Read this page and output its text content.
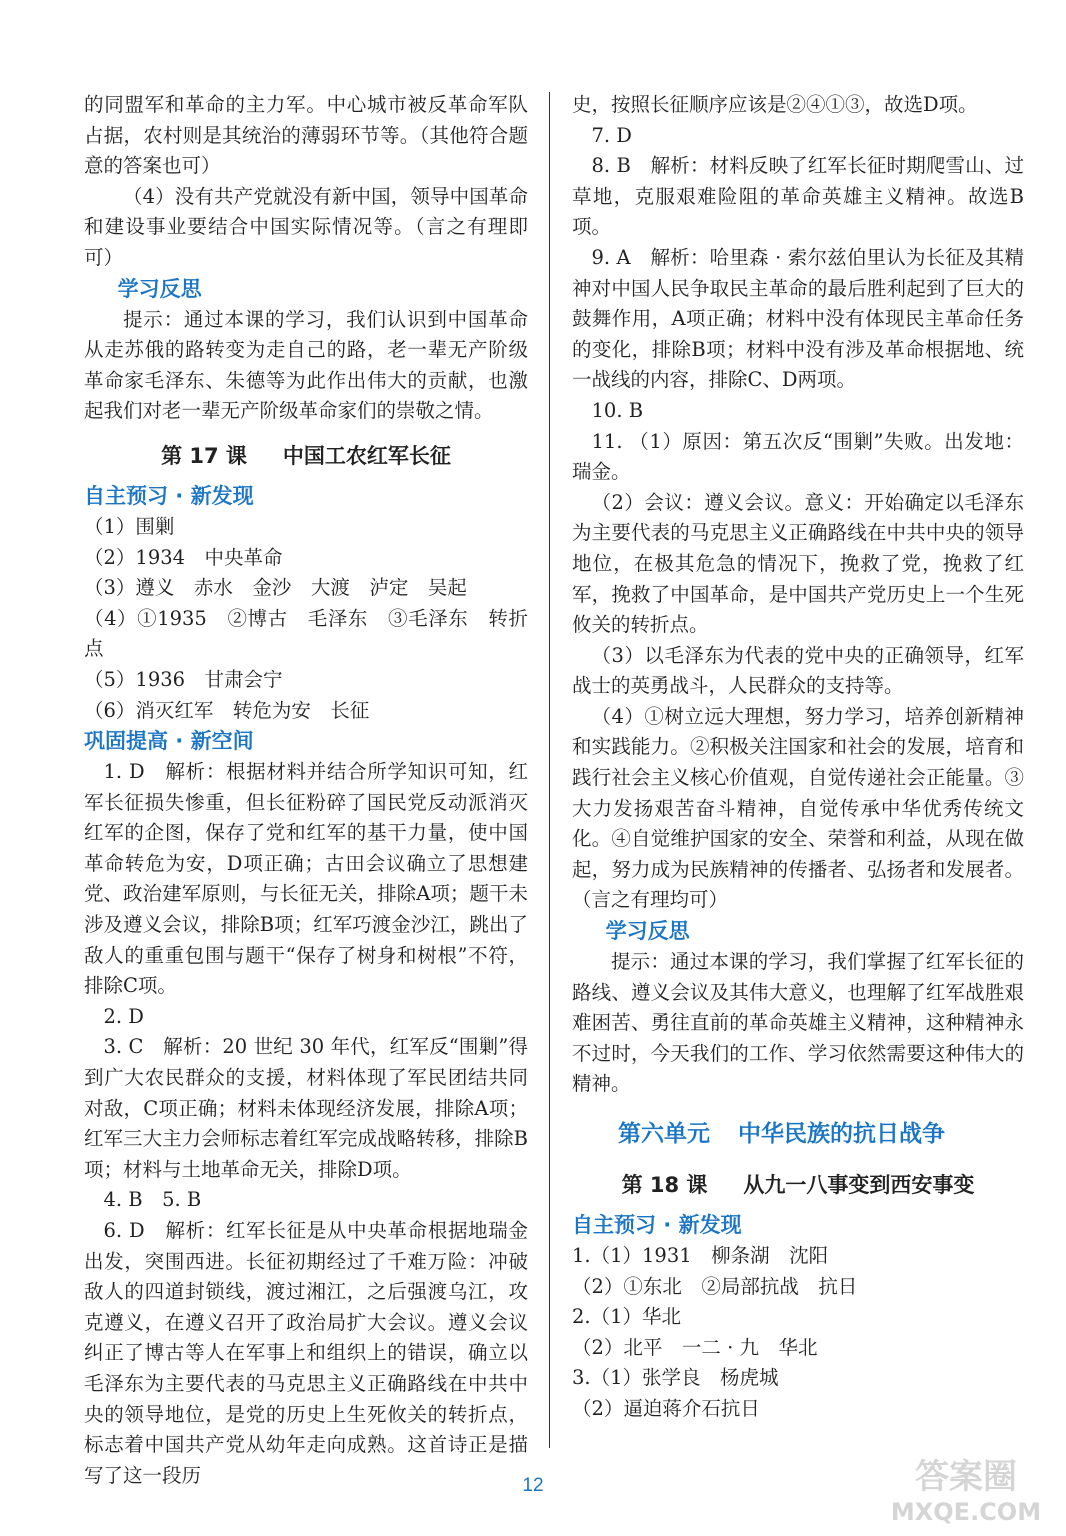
的同盟军和革命的主力军。中心城市被反革命军队占据，农村则是其统治的薄弱环节等。（其他符合题意的答案也可）

（4）没有共产党就没有新中国，领导中国革命和建设事业要结合中国实际情况等。（言之有理即可）

学习反思

提示：通过本课的学习，我们认识到中国革命从走苏俄的路转变为走自己的路，老一辈无产阶级革命家毛泽东、朱德等为此作出伟大的贡献，也激起我们对老一辈无产阶级革命家们的崇敬之情。

第 17 课 中国工农红军长征

自主预习 · 新发现

（1）围剿

（2）1934　中央革命

（3）遵义　赤水　金沙　大渡　泸定　吴起

（4）①1935　②博古　毛泽东　③毛泽东　转折点

（5）1936　甘肃会宁

（6）消灭红军　转危为安　长征

巩固提高 · 新空间

1. D　解析：根据材料并结合所学知识可知，红军长征损失惨重，但长征粉碎了国民党反动派消灭红军的企图，保存了党和红军的基干力量，使中国革命转危为安，D项正确；古田会议确立了思想建党、政治建军原则，与长征无关，排除A项；题干未涉及遵义会议，排除B项；红军巧渡金沙江，跳出了敌人的重重包围与题干“保存了树身和树根”不符，排除C项。

2. D

3. C　解析：20 世纪 30 年代，红军反“围剿”得到广大农民群众的支援，材料体现了军民团结共同对敌，C项正确；材料未体现经济发展，排除A项；红军三大主力会师标志着红军完成战略转移，排除B项；材料与土地革命无关，排除D项。

4. B　5. B

6. D　解析：红军长征是从中央革命根据地瑞金出发，突围西进。长征初期经过了千难万险：冲破敌人的四道封锁线，渡过湘江，之后强渡乌江，攻克遵义，在遵义召开了政治局扩大会议。遵义会议纠正了博古等人在军事上和组织上的错误，确立以毛泽东为主要代表的马克思主义正确路线在中共中央的领导地位，是党的历史上生死攸关的转折点，标志着中国共产党从幼年走向成熟。这首诗正是描写了这一段历

史，按照长征顺序应该是②④①③，故选D项。

7. D

8. B　解析：材料反映了红军长征时期爬雪山、过草地，克服艰难险阻的革命英雄主义精神。故选B项。

9. A　解析：哈里森 · 索尔兹伯里认为长征及其精神对中国人民争取民主革命的最后胜利起到了巨大的鼓舞作用，A项正确；材料中没有体现民主革命任务的变化，排除B项；材料中没有涉及革命根据地、统一战线的内容，排除C、D两项。

10. B

11. （1）原因：第五次反“围剿”失败。出发地：瑞金。

（2）会议：遵义会议。意义：开始确定以毛泽东为主要代表的马克思主义正确路线在中共中央的领导地位，在极其危急的情况下，挽救了党，挽救了红军，挽救了中国革命，是中国共产党历史上一个生死攸关的转折点。

（3）以毛泽东为代表的党中央的正确领导，红军战士的英勇战斗，人民群众的支持等。

（4）①树立远大理想，努力学习，培养创新精神和实践能力。②积极关注国家和社会的发展，培育和践行社会主义核心价值观，自觉传递社会正能量。③大力发扬艰苦奋斗精神，自觉传承中华优秀传统文化。④自觉维护国家的安全、荣誉和利益，从现在做起，努力成为民族精神的传播者、弘扬者和发展者。（言之有理均可）

学习反思

提示：通过本课的学习，我们掌握了红军长征的路线、遵义会议及其伟大意义，也理解了红军战胜艰难困苦、勇往直前的革命英雄主义精神，这种精神永不过时，今天我们的工作、学习依然需要这种伟大的精神。

第六单元 中华民族的抗日战争
第 18 课 从九一八事变到西安事变

自主预习 · 新发现

1.（1）1931　柳条湖　沈阳

（2）①东北　②局部抗战　抗日

2.（1）华北

（2）北平　一二 · 九　华北

3.（1）张学良　杨虎城

（2）逼迫蒋介石抗日

12	答案圈
MXQE.COM
